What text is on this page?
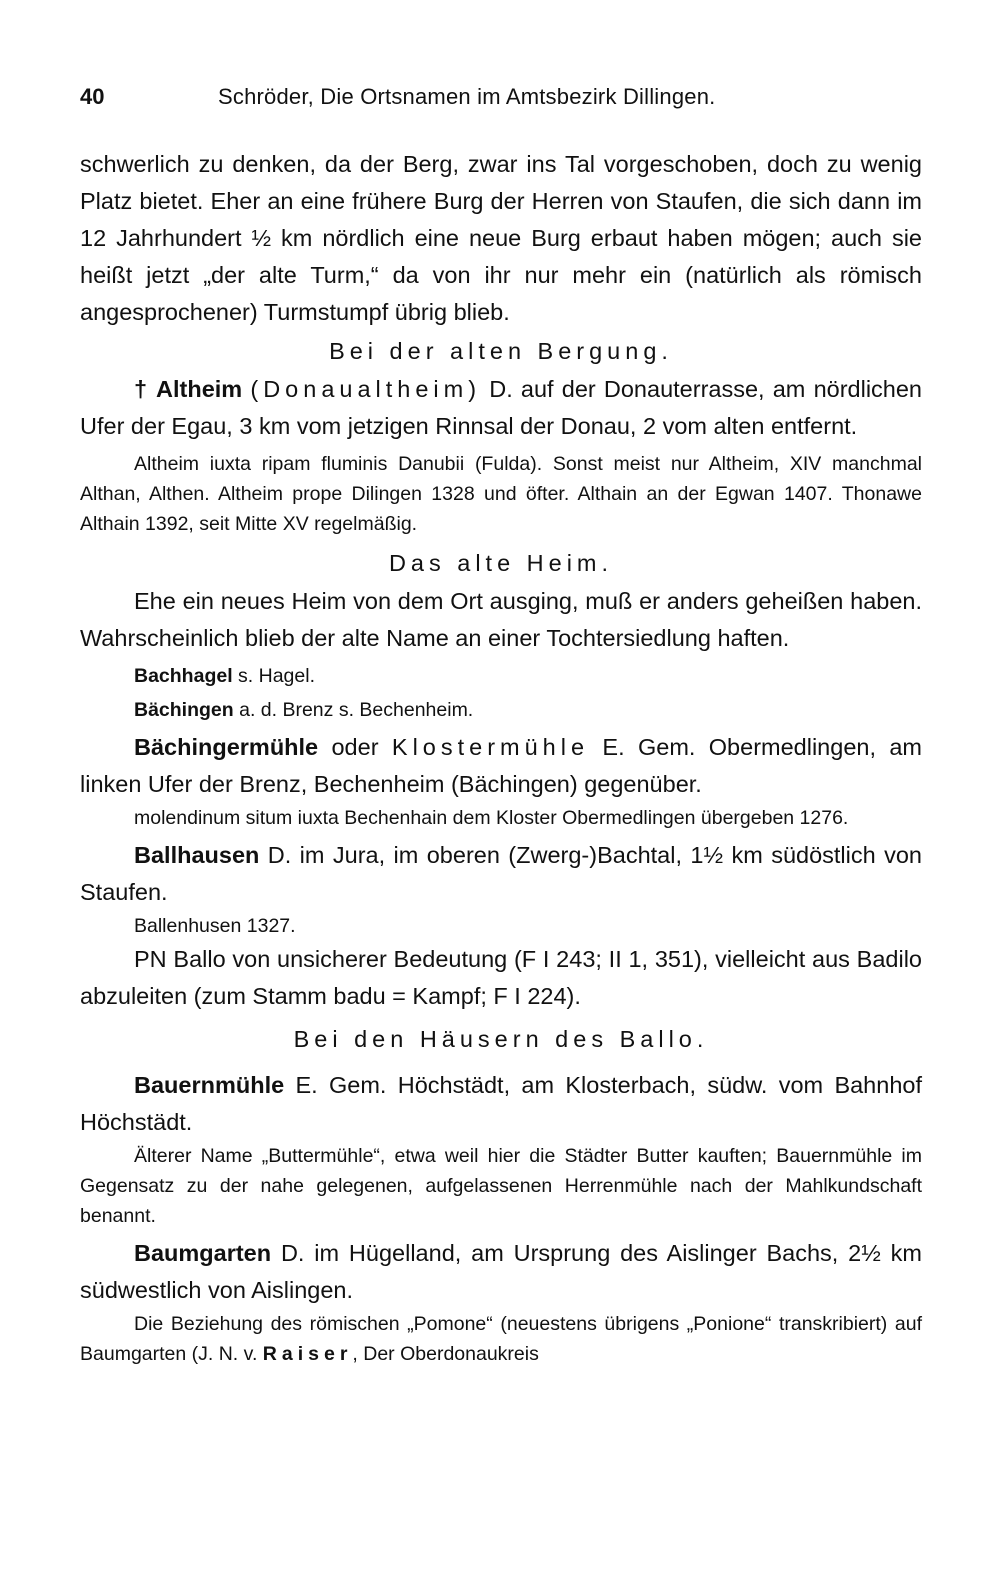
40	Schröder, Die Ortsnamen im Amtsbezirk Dillingen.

schwerlich zu denken, da der Berg, zwar ins Tal vorgeschoben, doch zu wenig Platz bietet. Eher an eine frühere Burg der Herren von Staufen, die sich dann im 12 Jahrhundert ½ km nördlich eine neue Burg erbaut haben mögen; auch sie heißt jetzt „der alte Turm,“ da von ihr nur mehr ein (natürlich als römisch angesprochener) Turmstumpf übrig blieb.

Bei der alten Bergung.

† Altheim (Donaualtheim) D. auf der Donauterrasse, am nördlichen Ufer der Egau, 3 km vom jetzigen Rinnsal der Donau, 2 vom alten entfernt.

Altheim iuxta ripam fluminis Danubii (Fulda). Sonst meist nur Altheim, XIV manchmal Althan, Althen. Altheim prope Dilingen 1328 und öfter. Althain an der Egwan 1407. Thonawe Althain 1392, seit Mitte XV regelmäßig.

Das alte Heim.

Ehe ein neues Heim von dem Ort ausging, muß er anders geheißen haben. Wahrscheinlich blieb der alte Name an einer Tochtersiedlung haften.

Bachhagel s. Hagel.

Bächingen a. d. Brenz s. Bechenheim.

Bächingermühle oder Klostermühle E. Gem. Obermedlingen, am linken Ufer der Brenz, Bechenheim (Bächingen) gegenüber.

molendinum situm iuxta Bechenhain dem Kloster Obermedlingen übergeben 1276.

Ballhausen D. im Jura, im oberen (Zwerg-)Bachtal, 1½ km südöstlich von Staufen.

Ballenhusen 1327.

PN Ballo von unsicherer Bedeutung (F I 243; II 1, 351), vielleicht aus Badilo abzuleiten (zum Stamm badu = Kampf; F I 224).

Bei den Häusern des Ballo.

Bauernmühle E. Gem. Höchstädt, am Klosterbach, südw. vom Bahnhof Höchstädt.

Älterer Name „Buttermühle“, etwa weil hier die Städter Butter kauften; Bauernmühle im Gegensatz zu der nahe gelegenen, aufgelassenen Herrenmühle nach der Mahlkundschaft benannt.

Baumgarten D. im Hügelland, am Ursprung des Aislinger Bachs, 2½ km südwestlich von Aislingen.

Die Beziehung des römischen „Pomone“ (neuestens übrigens „Ponione“ transkribiert) auf Baumgarten (J. N. v. Raiser, Der Oberdonaukreis
